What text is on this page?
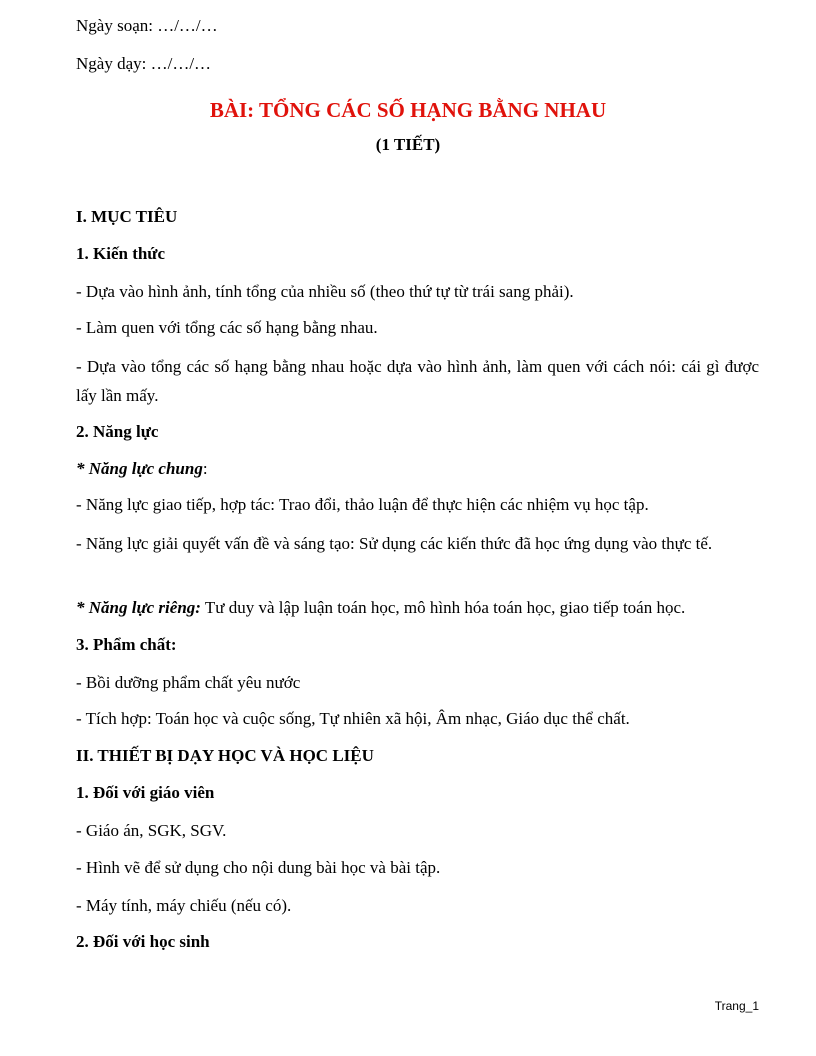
Ngày soạn: …/…/…
Ngày dạy: …/…/…
BÀI: TỔNG CÁC SỐ HẠNG BẰNG NHAU
(1 TIẾT)
I. MỤC TIÊU
1. Kiến thức
- Dựa vào hình ảnh, tính tổng của nhiều số (theo thứ tự từ trái sang phải).
- Làm quen với tổng các số hạng bằng nhau.
- Dựa vào tổng các số hạng bằng nhau hoặc dựa vào hình ảnh, làm quen với cách nói: cái gì được lấy lần mấy.
2. Năng lực
* Năng lực chung:
- Năng lực giao tiếp, hợp tác: Trao đổi, thảo luận để thực hiện các nhiệm vụ học tập.
- Năng lực giải quyết vấn đề và sáng tạo: Sử dụng các kiến thức đã học ứng dụng vào thực tế.
* Năng lực riêng: Tư duy và lập luận toán học, mô hình hóa toán học, giao tiếp toán học.
3. Phẩm chất:
- Bồi dưỡng phẩm chất yêu nước
- Tích hợp: Toán học và cuộc sống, Tự nhiên xã hội, Âm nhạc, Giáo dục thể chất.
II. THIẾT BỊ DẠY HỌC VÀ HỌC LIỆU
1. Đối với giáo viên
- Giáo án, SGK, SGV.
- Hình vẽ để sử dụng cho nội dung bài học và bài tập.
- Máy tính, máy chiếu (nếu có).
2. Đối với học sinh
Trang_1
